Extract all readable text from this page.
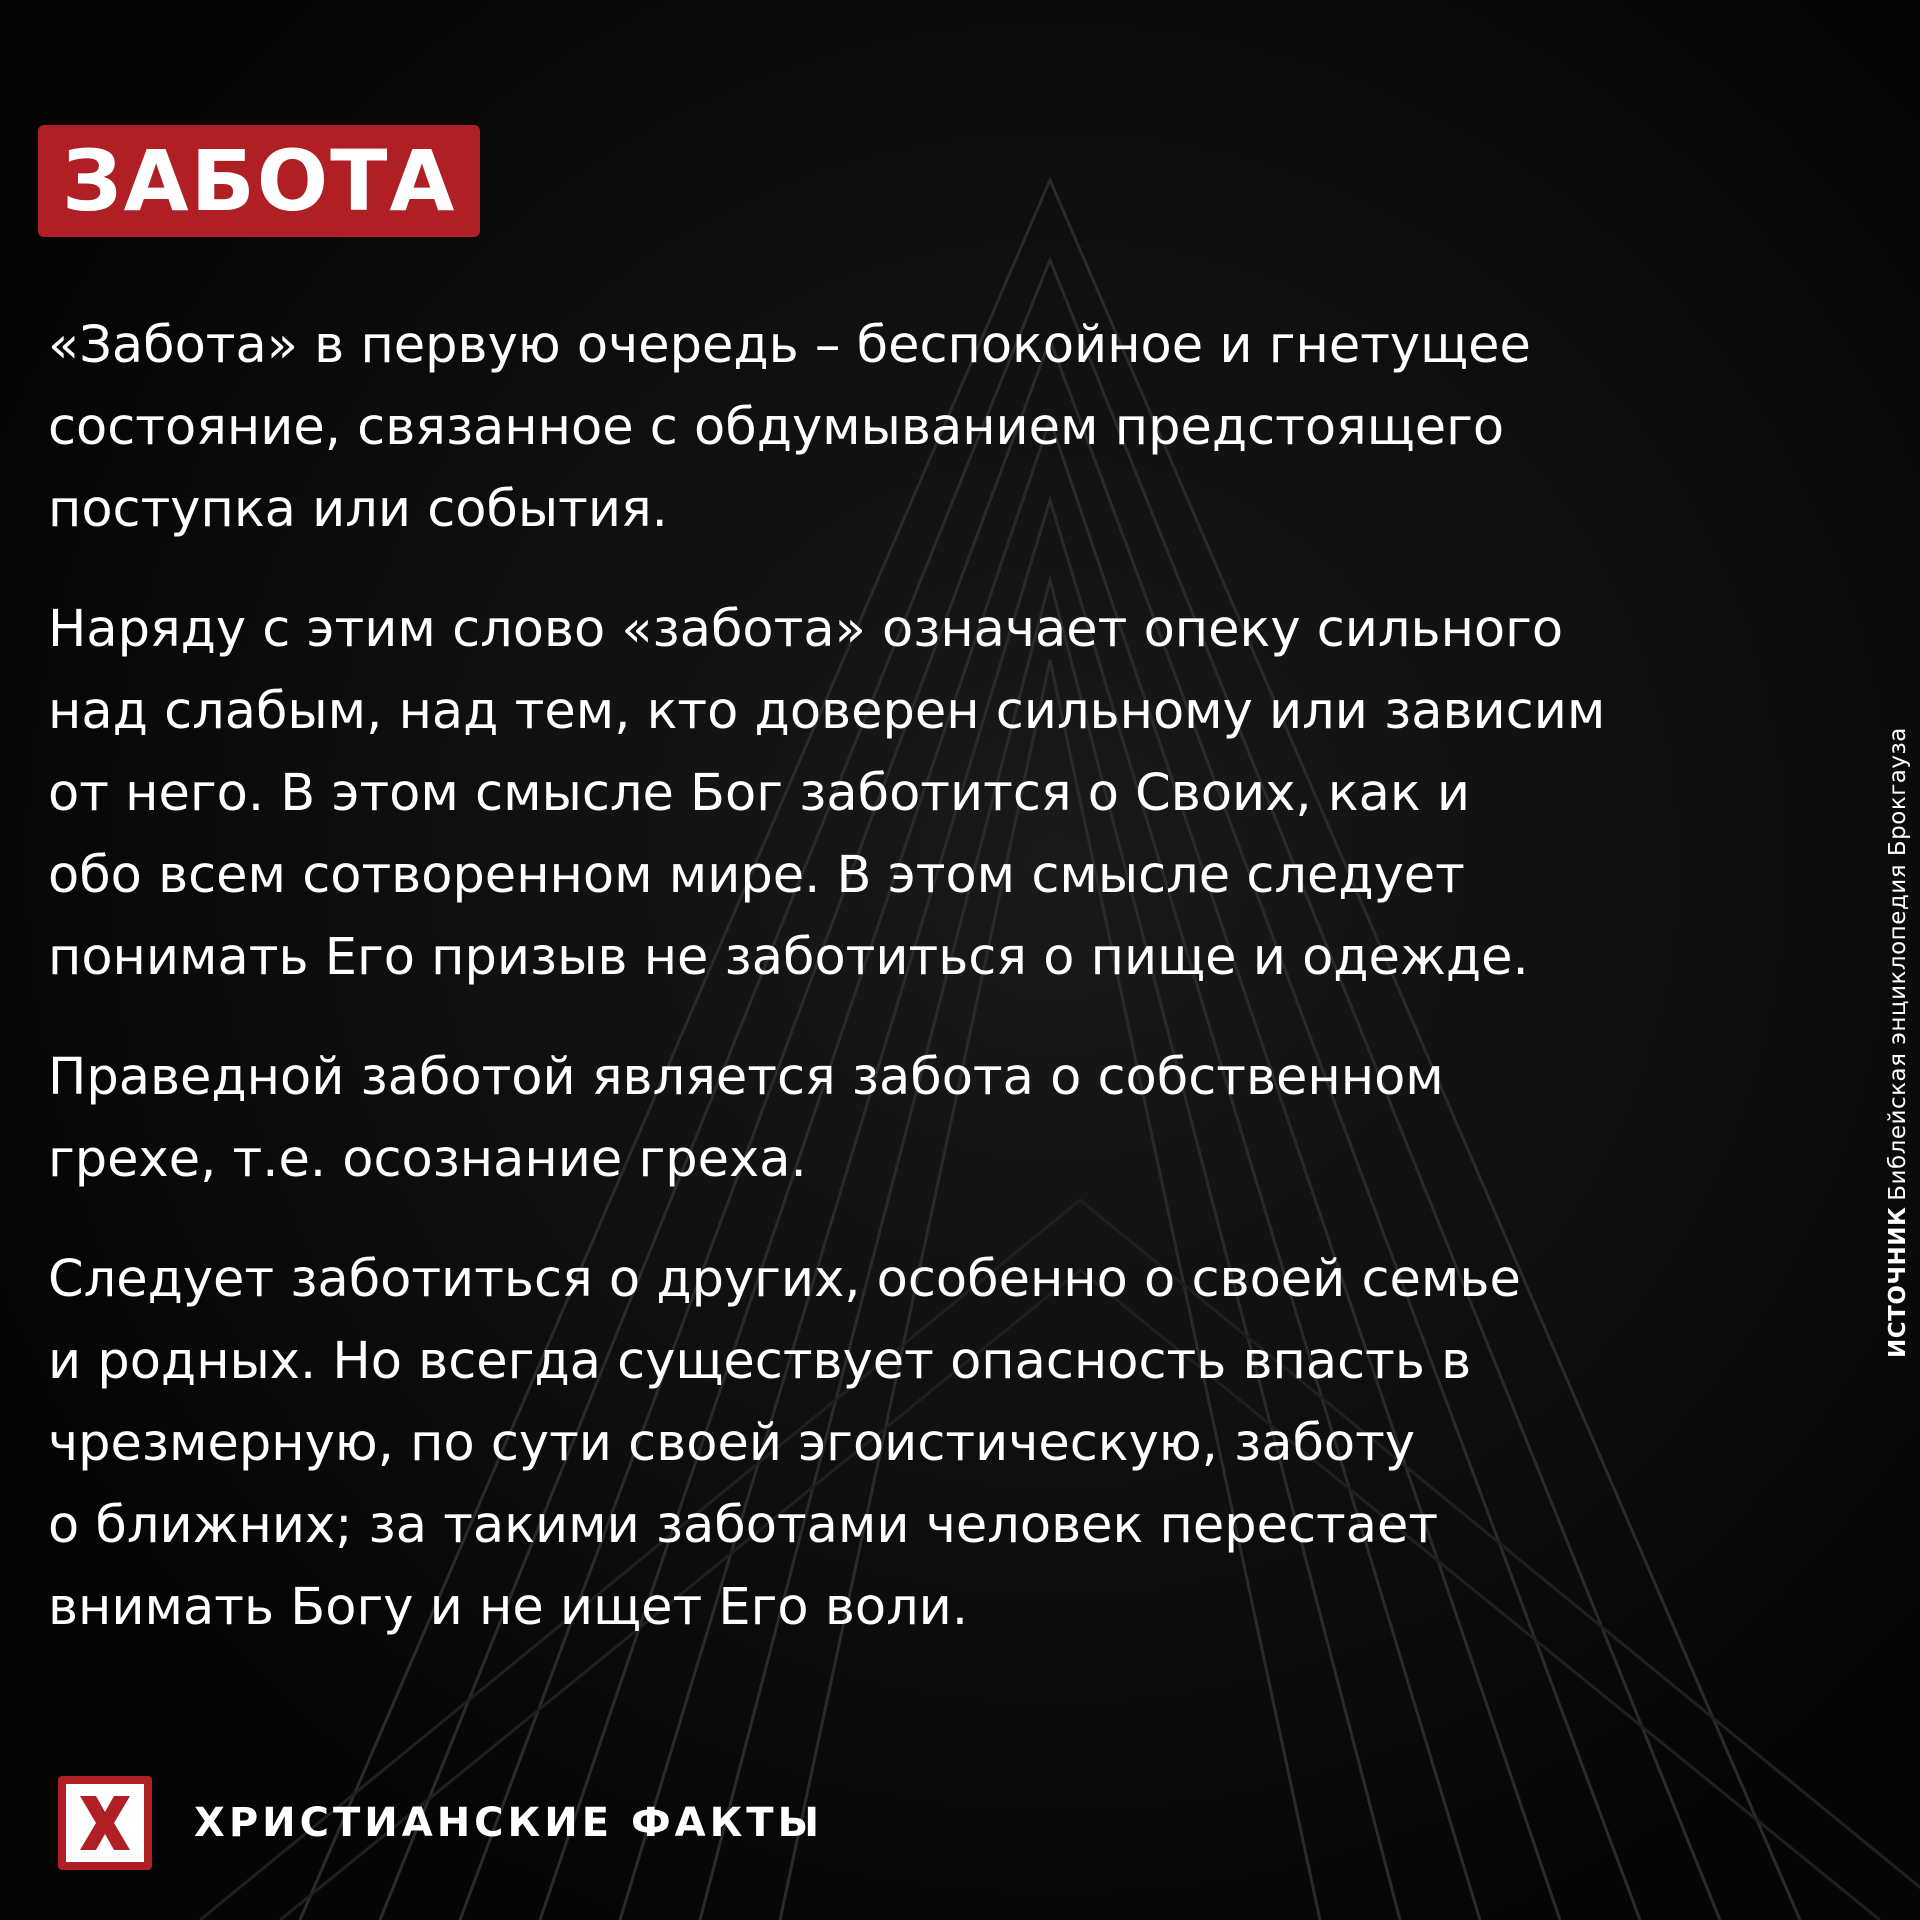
ЗАБОТА

«Забота» в первую очередь – беспокойное и гнетущее
состояние, связанное с обдумыванием предстоящего
поступка или события.

Наряду с этим слово «забота» означает опеку сильного
над слабым, над тем, кто доверен сильному или зависим
от него. В этом смысле Бог заботится о Своих, как и
обо всем сотворенном мире. В этом смысле следует
понимать Его призыв не заботиться о пище и одежде.

Праведной заботой является забота о собственном
грехе, т.е. осознание греха.

Следует заботиться о других, особенно о своей семье
и родных. Но всегда существует опасность впасть в
чрезмерную, по сути своей эгоистическую, заботу
о ближних; за такими заботами человек перестает
внимать Богу и не ищет Его воли.

ИСТОЧНИКБиблейская энциклопедия Брокгауза
ХРИСТИАНСКИЕ ФАКТЫ
